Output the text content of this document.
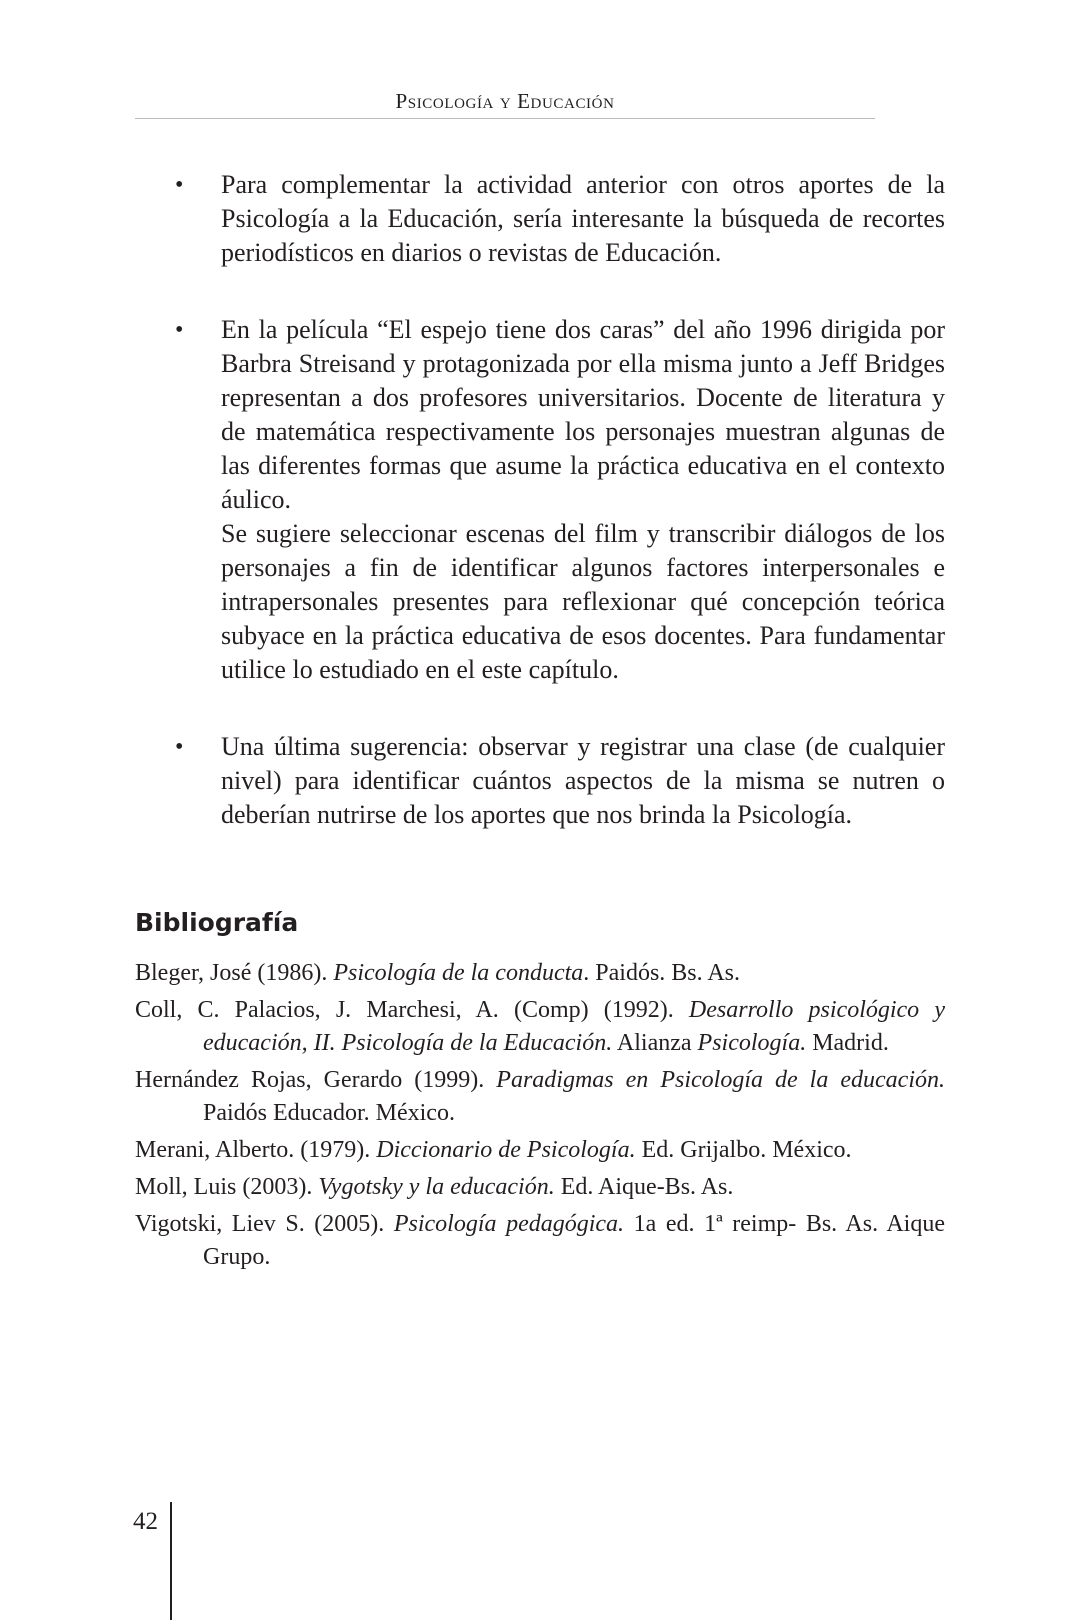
Psicología y Educación
• Para complementar la actividad anterior con otros aportes de la Psicología a la Educación, sería interesante la búsqueda de recortes periodísticos en diarios o revistas de Educación.

• En la película “El espejo tiene dos caras” del año 1996 dirigida por Barbra Streisand y protagonizada por ella misma junto a Jeff Bridges representan a dos profesores universitarios. Docente de literatura y de matemática respectivamente los personajes muestran algunas de las diferentes formas que asume la práctica educativa en el contexto áulico.

Se sugiere seleccionar escenas del film y transcribir diálogos de los personajes a fin de identificar algunos factores interpersonales e intrapersonales presentes para reflexionar qué concepción teórica subyace en la práctica educativa de esos docentes. Para fundamentar utilice lo estudiado en el este capítulo.

• Una última sugerencia: observar y registrar una clase (de cualquier nivel) para identificar cuántos aspectos de la misma se nutren o deberían nutrirse de los aportes que nos brinda la Psicología.

Bibliografía
Bleger, José (1986). Psicología de la conducta. Paidós. Bs. As.
Coll, C. Palacios, J. Marchesi, A. (Comp) (1992). Desarrollo psicológico y educación, II. Psicología de la Educación. Alianza Psicología. Madrid.
Hernández Rojas, Gerardo (1999). Paradigmas en Psicología de la educación. Paidós Educador. México.
Merani, Alberto. (1979). Diccionario de Psicología. Ed. Grijalbo. México.
Moll, Luis (2003). Vygotsky y la educación. Ed. Aique-Bs. As.
Vigotski, Liev S. (2005). Psicología pedagógica. 1a ed. 1ª reimp- Bs. As. Aique Grupo.
42
